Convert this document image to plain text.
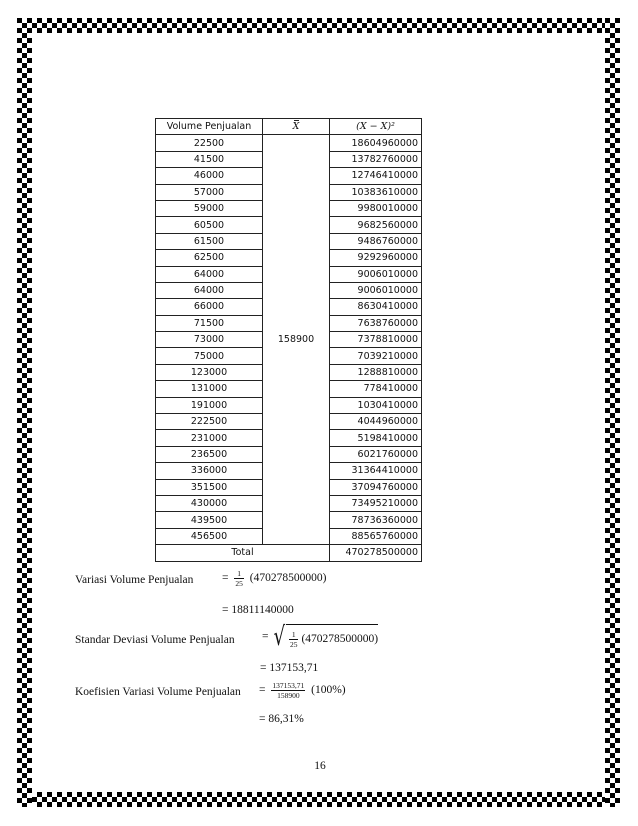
Volume Penjualan	X	(X − X)²
22500	158900	18604960000
41500		13782760000
46000		12746410000
57000		10383610000
59000		9980010000
60500		9682560000
61500		9486760000
62500		9292960000
64000		9006010000
64000		9006010000
66000		8630410000
71500		7638760000
73000		7378810000
75000		7039210000
123000		1288810000
131000		778410000
191000		1030410000
222500		4044960000
231000		5198410000
236500		6021760000
336000		31364410000
351500		37094760000
430000		73495210000
439500		78736360000
456500		88565760000
Total		470278500000
Variasi Volume Penjualan = $\frac{1}{25} (470278500000)$
= 18811140000
Standar Deviasi Volume Penjualan = √ $\frac{1}{25} (470278500000)$
= 137153,71
Koefisien Variasi Volume Penjualan = $\frac{137153,71}{158900} (100\%)$
= 86,31%
16
